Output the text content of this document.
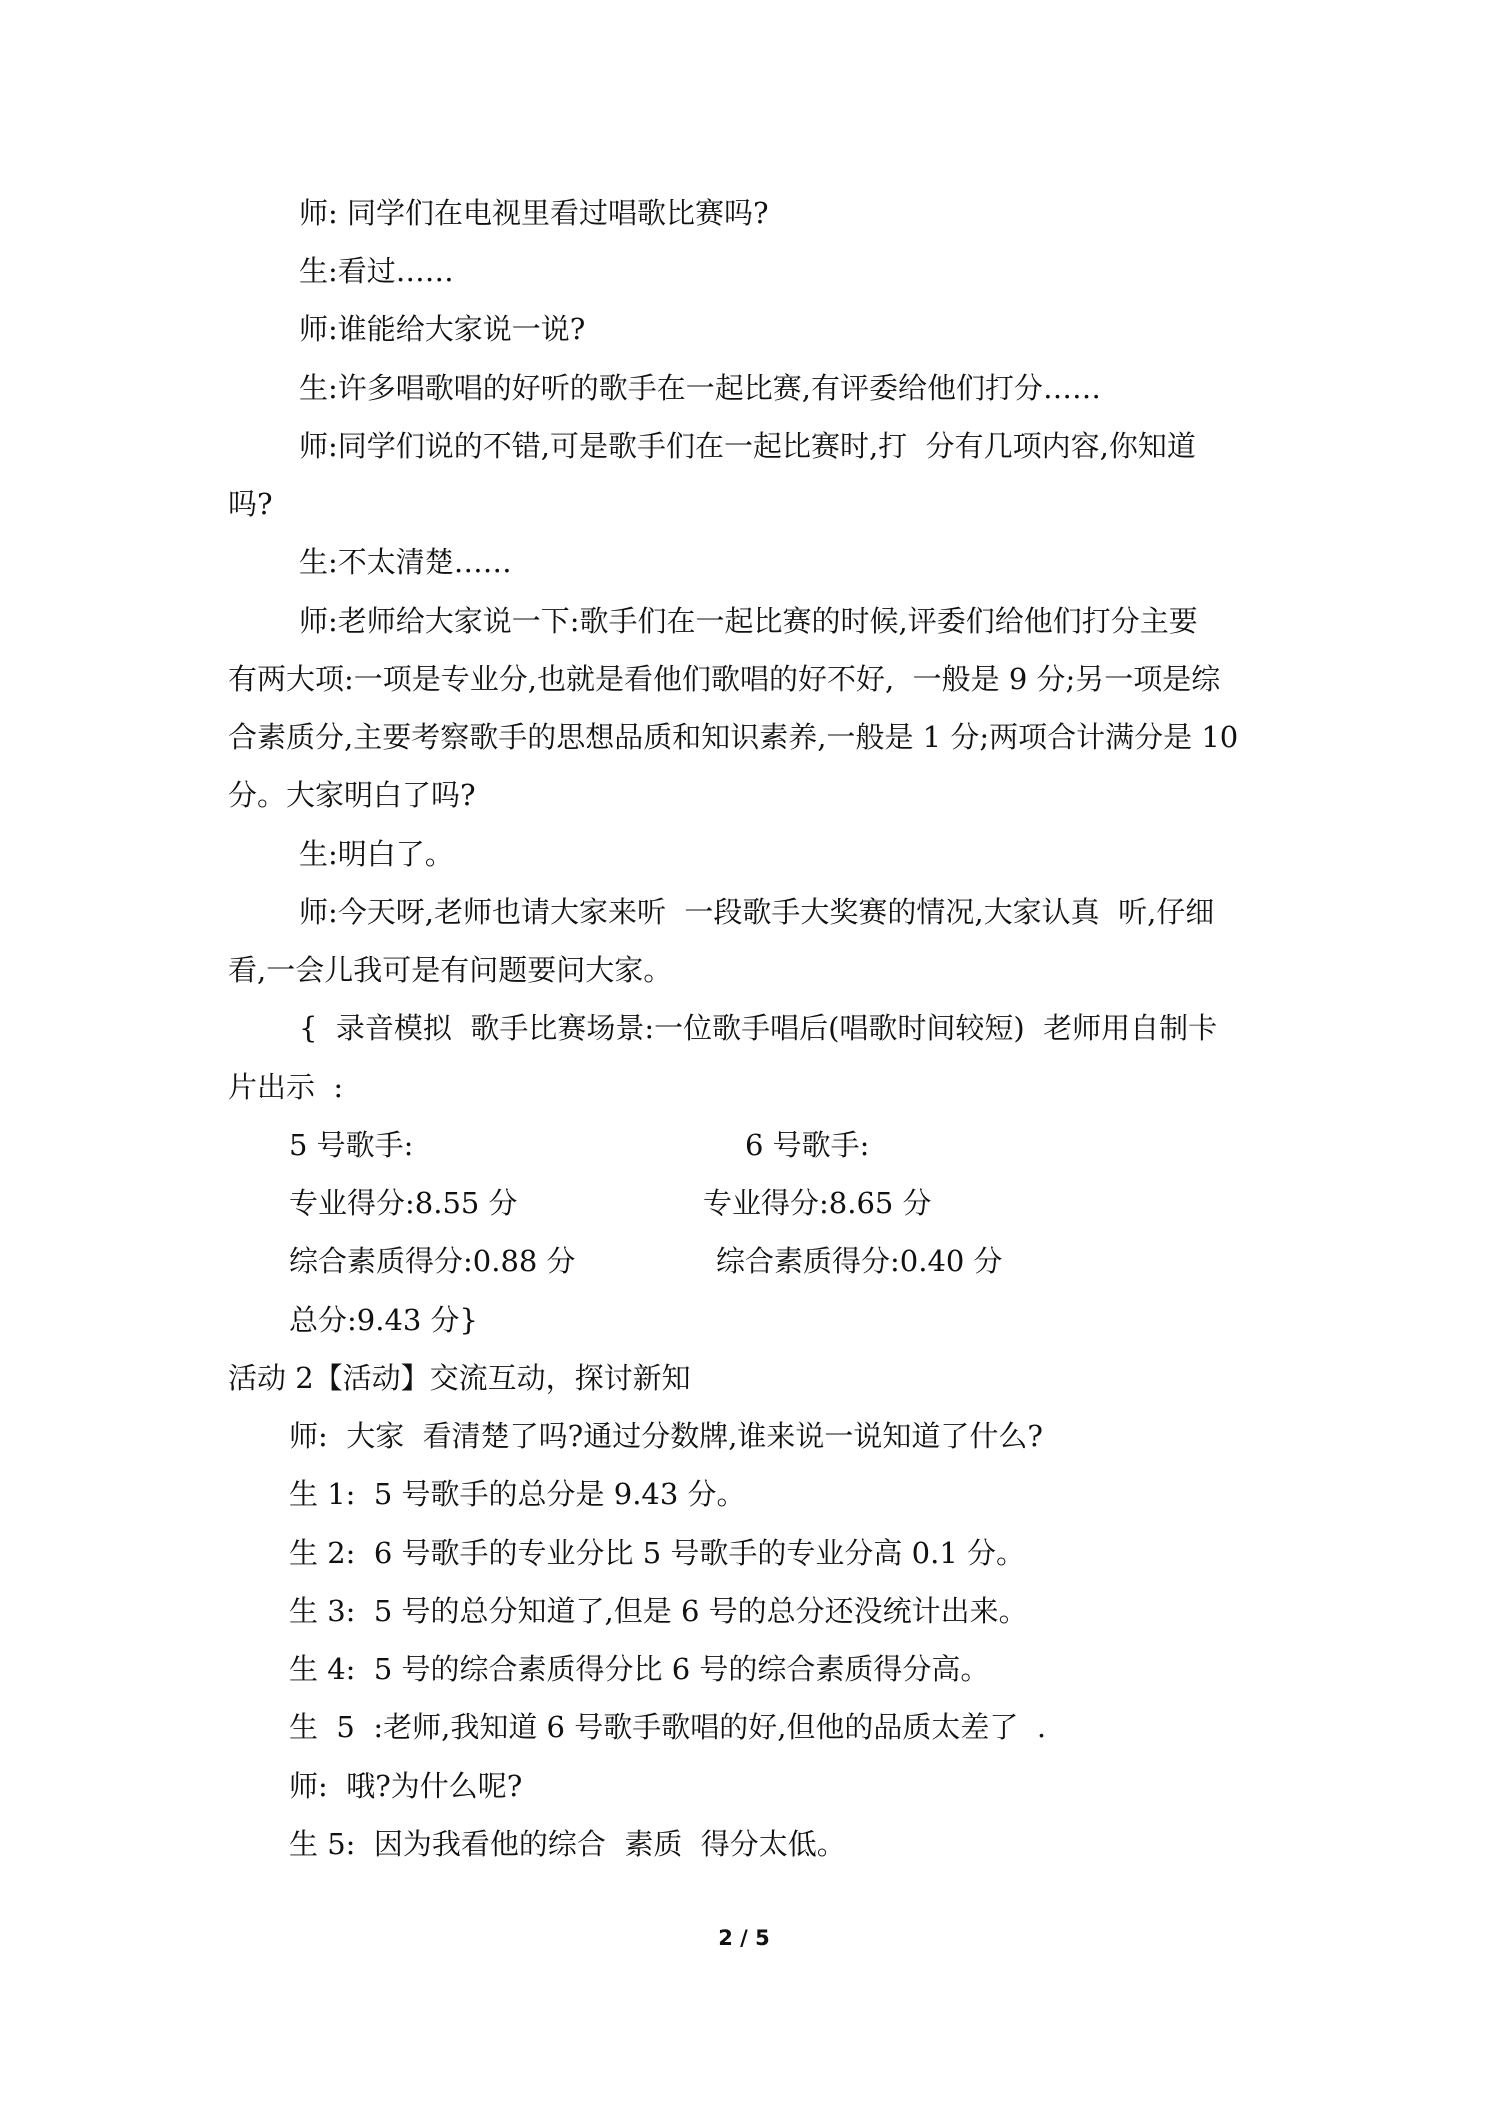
师: 同学们在电视里看过唱歌比赛吗?
生:看过……
师:谁能给大家说一说?
生:许多唱歌唱的好听的歌手在一起比赛,有评委给他们打分……
师:同学们说的不错,可是歌手们在一起比赛时,打  分有几项内容,你知道
吗?
生:不太清楚……
师:老师给大家说一下:歌手们在一起比赛的时候,评委们给他们打分主要
有两大项:一项是专业分,也就是看他们歌唱的好不好,  一般是 9 分;另一项是综
合素质分,主要考察歌手的思想品质和知识素养,一般是 1 分;两项合计满分是 10
分。大家明白了吗?
生:明白了。
师:今天呀,老师也请大家来听  一段歌手大奖赛的情况,大家认真  听,仔细
看,一会儿我可是有问题要问大家。
{  录音模拟  歌手比赛场景:一位歌手唱后(唱歌时间较短)  老师用自制卡
片出示  :
5 号歌手:	6 号歌手:
专业得分:8.55 分	专业得分:8.65 分
综合素质得分:0.88 分	综合素质得分:0.40 分
总分:9.43 分}
活动 2【活动】交流互动，探讨新知
师:  大家  看清楚了吗?通过分数牌,谁来说一说知道了什么?
生 1:  5 号歌手的总分是 9.43 分。
生 2:  6 号歌手的专业分比 5 号歌手的专业分高 0.1 分。
生 3:  5 号的总分知道了,但是 6 号的总分还没统计出来。
生 4:  5 号的综合素质得分比 6 号的综合素质得分高。
生  5  :老师,我知道 6 号歌手歌唱的好,但他的品质太差了  .
师:  哦?为什么呢?
生 5:  因为我看他的综合  素质  得分太低。
2 / 5
